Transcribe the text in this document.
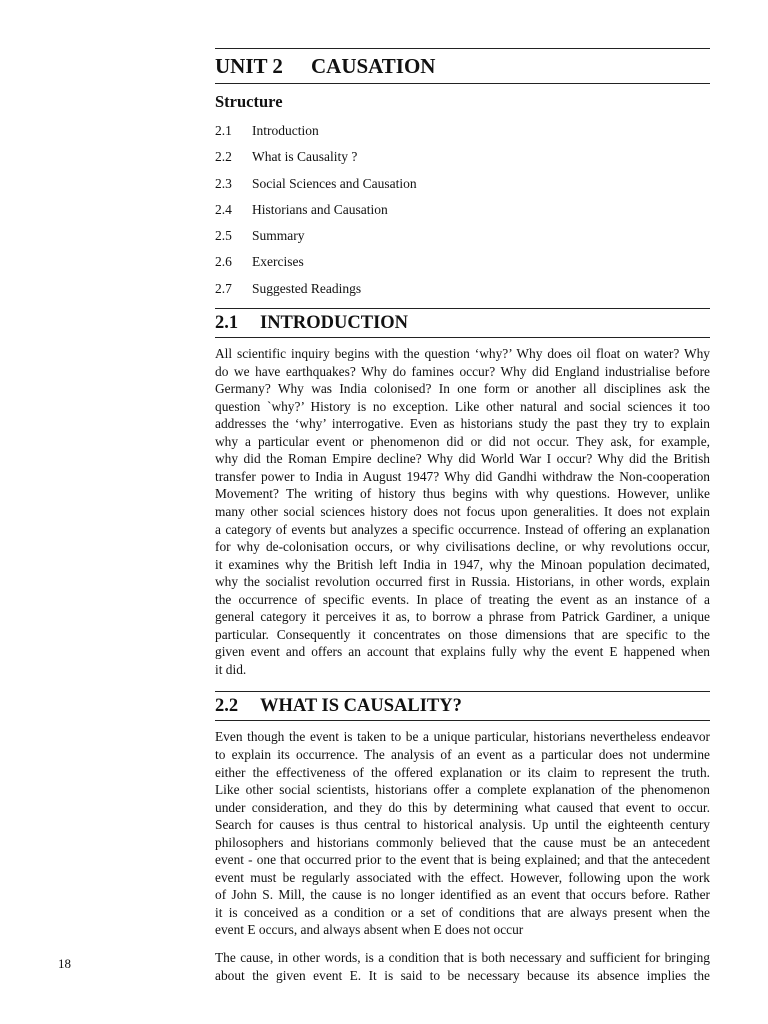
UNIT 2	CAUSATION
Structure
2.1	Introduction
2.2	What is Causality ?
2.3	Social Sciences and Causation
2.4	Historians and Causation
2.5	Summary
2.6	Exercises
2.7	Suggested Readings
2.1	INTRODUCTION
All scientific inquiry begins with the question ‘why?’ Why does oil float on water? Why
do we have earthquakes? Why do famines occur? Why did England industrialise before
Germany? Why was India colonised? In one form or another all disciplines ask the
question `why?’ History is no exception. Like other natural and social sciences it too
addresses the ‘why’ interrogative. Even as historians study the past they try to explain
why a particular event or phenomenon did or did not occur. They ask, for example,
why did the Roman Empire decline? Why did World War I occur? Why did the British
transfer power to India in August 1947? Why did Gandhi withdraw the Non-cooperation
Movement? The writing of history thus begins with why questions. However, unlike
many other social sciences history does not focus upon generalities. It does not explain
a category of events but analyzes a specific occurrence. Instead of offering an explanation
for why de-colonisation occurs, or why civilisations decline, or why revolutions occur,
it examines why the British left India in 1947, why the Minoan population decimated,
why the socialist revolution occurred first in Russia. Historians, in other words, explain
the occurrence of specific events. In place of treating the event as an instance of a
general category it perceives it as, to borrow a phrase from Patrick Gardiner, a unique
particular. Consequently it concentrates on those dimensions that are specific to the
given event and offers an account that explains fully why the event E happened when
it did.
2.2	WHAT IS CAUSALITY?
Even though the event is taken to be a unique particular, historians nevertheless endeavor
to explain its occurrence. The analysis of an event as a particular does not undermine
either the effectiveness of the offered explanation or its claim to represent the truth.
Like other social scientists, historians offer a complete explanation of the phenomenon
under consideration, and they do this by determining what caused that event to occur.
Search for causes is thus central to historical analysis. Up until the eighteenth century
philosophers and historians commonly believed that the cause must be an antecedent
event - one that occurred prior to the event that is being explained; and that the antecedent
event must be regularly associated with the effect. However, following upon the work
of John S. Mill, the cause is no longer identified as an event that occurs before. Rather
it is conceived as a condition or a set of conditions that are always present when the
event E occurs, and always absent when E does not occur
The cause, in other words, is a condition that is both necessary and sufficient for bringing
about the given event E. It is said to be necessary because its absence implies the
18
